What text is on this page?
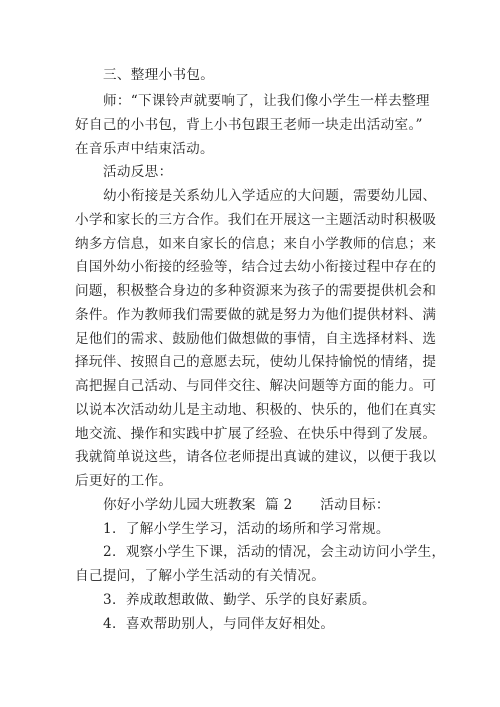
三、整理小书包。
师：“下课铃声就要响了，让我们像小学生一样去整理
好自己的小书包，背上小书包跟王老师一块走出活动室。”
在音乐声中结束活动。
活动反思：
幼小衔接是关系幼儿入学适应的大问题，需要幼儿园、
小学和家长的三方合作。我们在开展这一主题活动时积极吸
纳多方信息，如来自家长的信息；来自小学教师的信息；来
自国外幼小衔接的经验等，结合过去幼小衔接过程中存在的
问题，积极整合身边的多种资源来为孩子的需要提供机会和
条件。作为教师我们需要做的就是努力为他们提供材料、满
足他们的需求、鼓励他们做想做的事情，自主选择材料、选
择玩伴、按照自己的意愿去玩，使幼儿保持愉悦的情绪，提
高把握自己活动、与同伴交往、解决问题等方面的能力。可
以说本次活动幼儿是主动地、积极的、快乐的，他们在真实
地交流、操作和实践中扩展了经验、在快乐中得到了发展。
我就简单说这些，请各位老师提出真诚的建议，以便于我以
后更好的工作。
你好小学幼儿园大班教案  篇 2      活动目标：
1．了解小学生学习，活动的场所和学习常规。
2．观察小学生下课，活动的情况，会主动访问小学生，
自己提问，了解小学生活动的有关情况。
3．养成敢想敢做、勤学、乐学的良好素质。
4．喜欢帮助别人，与同伴友好相处。
